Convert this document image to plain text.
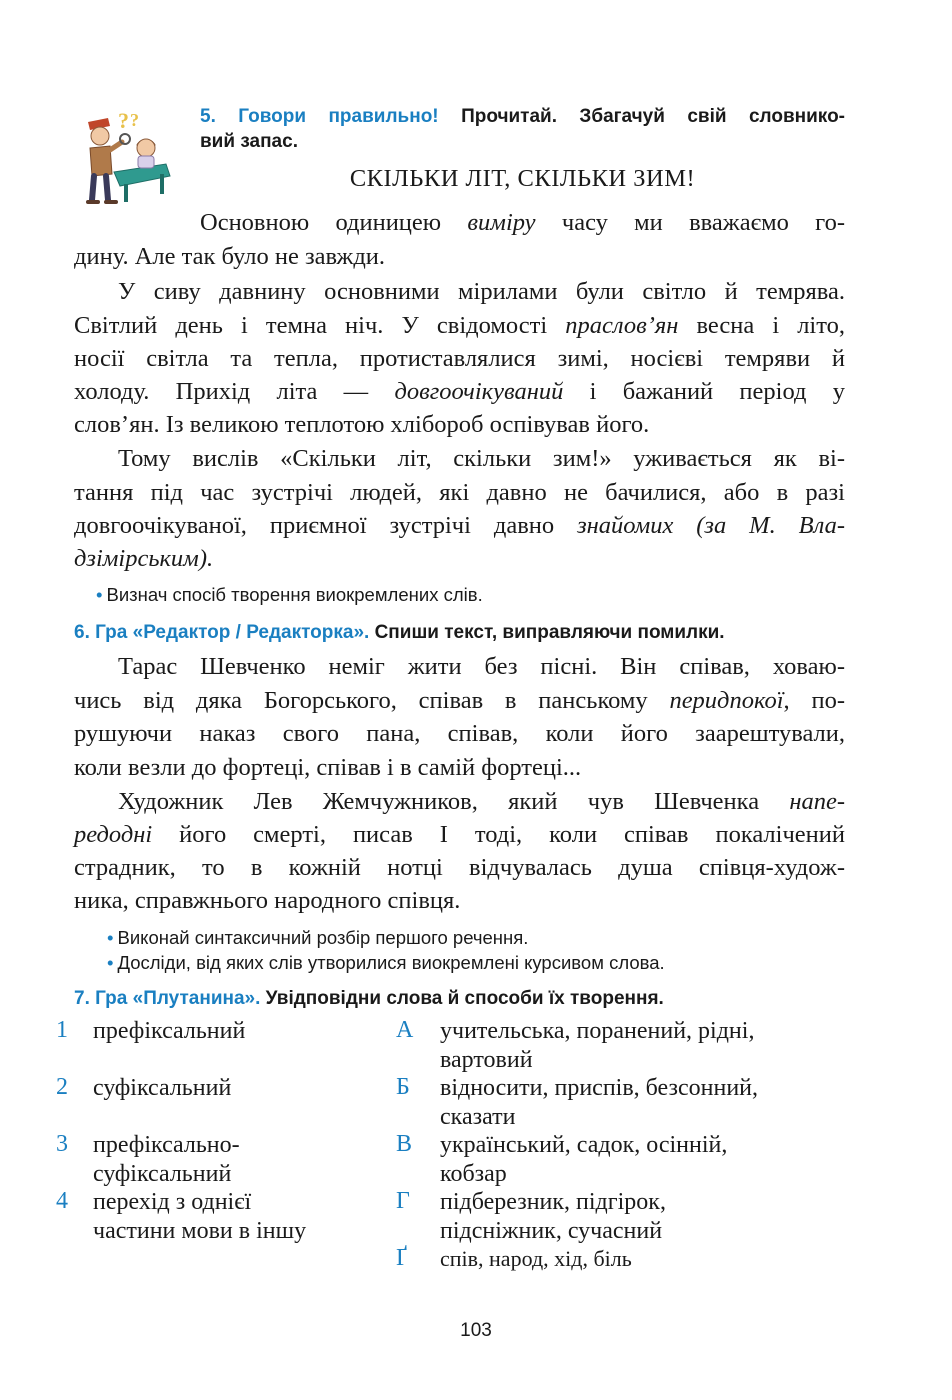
? ?	5. Говори правильно! Прочитай. Збагачуй свій словнико-
вий запас.
СКІЛЬКИ ЛІТ, СКІЛЬКИ ЗИМ!
Основною одиницею виміру часу ми вважаємо го-
дину. Але так було не завжди.
У сиву давнину основними мірилами були світло й темрява.
Світлий день і темна ніч. У свідомості праслов’ян весна і літо,
носії світла та тепла, протиставлялися зимі, носієві темряви й
холоду. Прихід літа — довгоочікуваний і бажаний період у
слов’ян. Із великою теплотою хлібороб оспівував його.
Тому вислів «Скільки літ, скільки зим!» уживається як ві-
тання під час зустрічі людей, які давно не бачилися, або в разі
довгоочікуваної, приємної зустрічі давно знайомих (за М. Вла-
дзімірським).
• Визнач спосіб творення виокремлених слів.
6. Гра «Редактор / Редакторка». Спиши текст, виправляючи помилки.
Тарас Шевченко неміг жити без пісні. Він співав, ховаю-
чись від дяка Богорського, співав в панському перидпокої, по-
рушуючи наказ свого пана, співав, коли його заарештували,
коли везли до фортеці, співав і в самій фортеці...
Художник Лев Жемчужников, який чув Шевченка напе-
редодні його смерті, писав І тоді, коли співав покалічений
страдник, то в кожній нотці відчувалась душа співця-худож-
ника, справжнього народного співця.
• Виконай синтаксичний розбір першого речення.
• Досліди, від яких слів утворилися виокремлені курсивом слова.
7. Гра «Плутанина». Увідповідни слова й способи їх творення.
1 префіксальний
2 суфіксальний
3 префіксально-
суфіксальний
4 перехід з однієї
частини мови в іншу
А учительська, поранений, рідні,
вартовий
Б відносити, приспів, безсонний,
сказати
В український, садок, осінній,
кобзар
Г підберезник, підгірок,
підсніжник, сучасний
Ґ спів, народ, хід, біль
103
